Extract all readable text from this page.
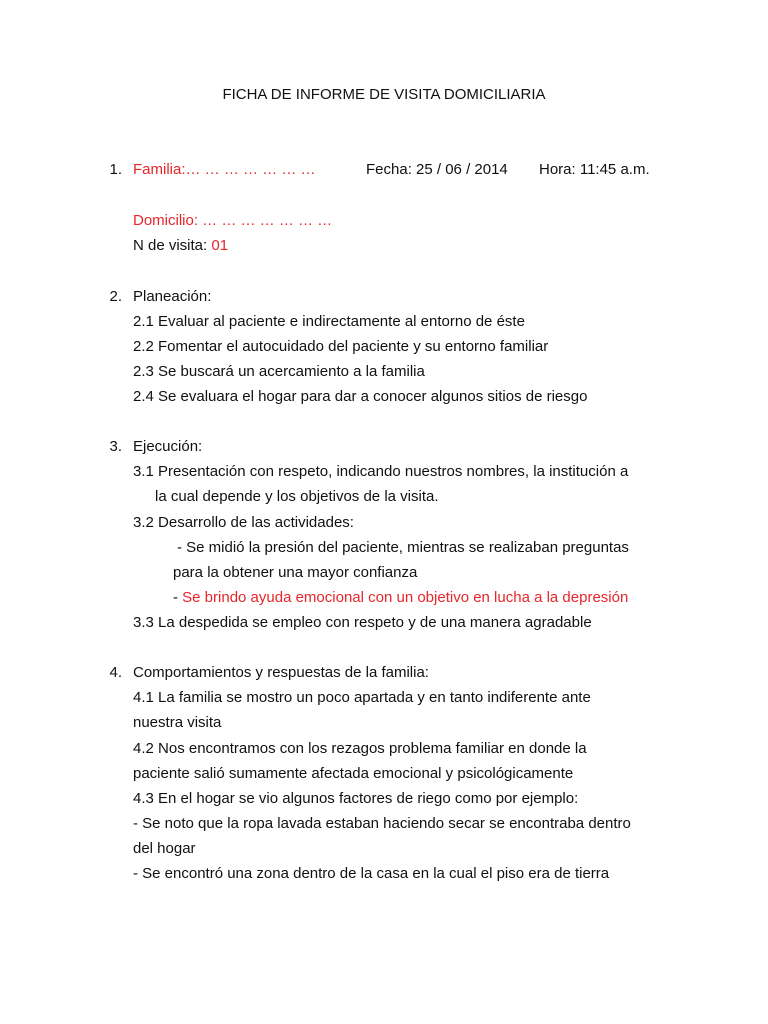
FICHA DE INFORME DE VISITA DOMICILIARIA
1. Familia:… … … … … … …	Fecha: 25 / 06 / 2014 Hora: 11:45 a.m.
Domicilio: … … … … … … …
N de visita: 01
2. Planeación:
2.1 Evaluar al paciente e indirectamente al entorno de éste
2.2 Fomentar el autocuidado del paciente y su entorno familiar
2.3 Se buscará un acercamiento a la familia
2.4 Se evaluara el hogar para dar a conocer algunos sitios de riesgo
3. Ejecución:
3.1 Presentación con respeto, indicando nuestros nombres, la institución a
la cual depende y los objetivos de la visita.
3.2 Desarrollo de las actividades:
- Se midió la presión del paciente, mientras se realizaban preguntas
para la obtener una mayor confianza
- Se brindo ayuda emocional con un objetivo en lucha a la depresión
3.3 La despedida se empleo con respeto y de una manera agradable
4. Comportamientos y respuestas de la familia:
4.1 La familia se mostro un poco apartada y en tanto indiferente ante
nuestra visita
4.2 Nos encontramos con los rezagos problema familiar en donde la
paciente salió sumamente afectada emocional y psicológicamente
4.3 En el hogar se vio algunos factores de riego como por ejemplo:
- Se noto que la ropa lavada estaban haciendo secar se encontraba dentro
del hogar
- Se encontró una zona dentro de la casa en la cual el piso era de tierra
